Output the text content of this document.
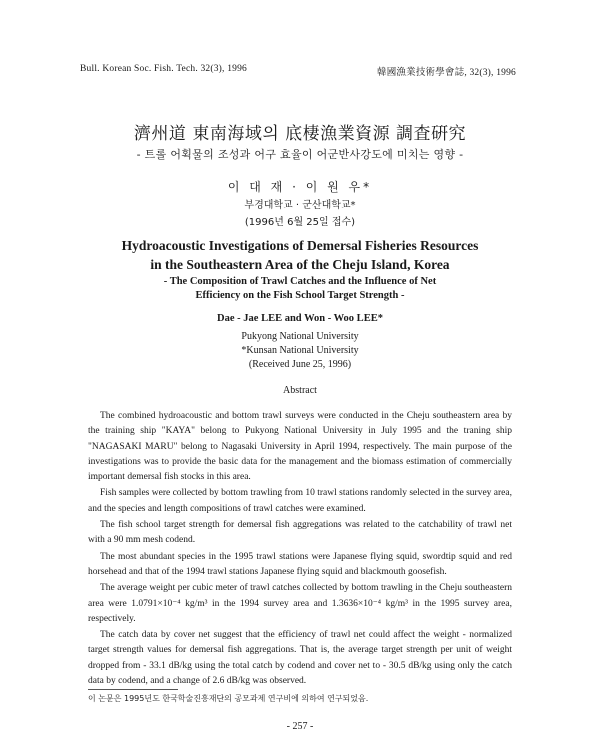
Bull. Korean Soc. Fish. Tech. 32(3), 1996	韓國漁業技術學會誌, 32(3), 1996
濟州道 東南海域의 底棲漁業資源 調査硏究
- 트롤 어획물의 조성과 어구 효율이 어군반사강도에 미치는 영향 -
이 대 재 · 이 원 우*
부경대학교 · 군산대학교*
(1996년 6월 25일 접수)
Hydroacoustic Investigations of Demersal Fisheries Resources
in the Southeastern Area of the Cheju Island, Korea
- The Composition of Trawl Catches and the Influence of Net
Efficiency on the Fish School Target Strength -
Dae - Jae LEE and Won - Woo LEE*
Pukyong National University
*Kunsan National University
(Received June 25, 1996)
Abstract

The combined hydroacoustic and bottom trawl surveys were conducted in the Cheju southeastern area by the training ship "KAYA" belong to Pukyong National University in July 1995 and the traning ship "NAGASAKI MARU" belong to Nagasaki University in April 1994, respectively. The main purpose of the investigations was to provide the basic data for the management and the biomass estimation of commercially important demersal fish stocks in this area.

Fish samples were collected by bottom trawling from 10 trawl stations randomly selected in the survey area, and the species and length compositions of trawl catches were examined.

The fish school target strength for demersal fish aggregations was related to the catchability of trawl net with a 90 mm mesh codend.

The most abundant species in the 1995 trawl stations were Japanese flying squid, swordtip squid and red horsehead and that of the 1994 trawl stations Japanese flying squid and blackmouth goosefish.

The average weight per cubic meter of trawl catches collected by bottom trawling in the Cheju southeastern area were 1.0791×10⁻⁴ kg/m³ in the 1994 survey area and 1.3636×10⁻⁴ kg/m³ in the 1995 survey area, respectively.

The catch data by cover net suggest that the efficiency of trawl net could affect the weight - normalized target strength values for demersal fish aggregations. That is, the average target strength per unit of weight dropped from - 33.1 dB/kg using the total catch by codend and cover net to - 30.5 dB/kg using only the catch data by codend, and a change of 2.6 dB/kg was observed.

이 논문은 1995년도 한국학술진흥재단의 공모과제 연구비에 의하여 연구되었음.
- 257 -
